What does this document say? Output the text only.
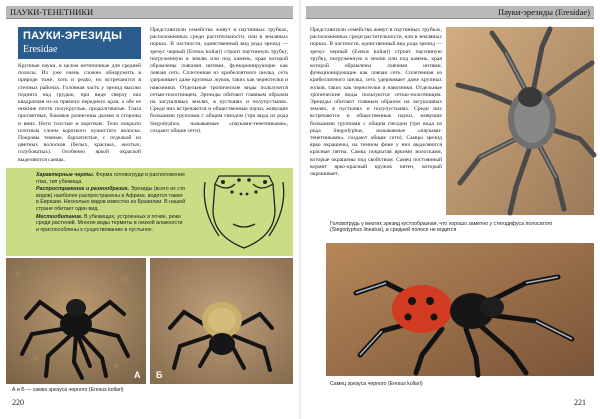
ПАУКИ-ТЕНЕТНИКИ	Пауки-эрезиды (Eresidae)
ПАУКИ-ЭРЕЗИДЫ
Eresidae
Крупные пауки, в целом нетипичные для средней полосы. Их уже очень сложно обнаружить в природе тоже, хоть и редко, но встречаются в степных районах. Головная часть у эрезид высоко поднята над грудью, при виде сверху она квадратная из-за прямого переднего края, а обе ее нижние почти полукруглые, продолговатые. Глаза просветные, боковые разнесены далеко в стороны и вниз. Ноги толстые и короткие. Тело покрыто плотным слоем короткого пушистого волоска. Покровы темные, бархатистые, с отделкой из цветных волосков (белых, красных, желтых, голубоватых). Особенно яркой окраской выделяются самцы.
Представители семейства живут в паутинных трубках, расположенных среди растительности, или в земляных норках. В частности, единственный вид рода эрезид — эрезус черный (Eresus kollari) строит паутинную трубку, погруженную в землю или под камень, края которой обрамлены ловчими нитями, функционирующие как ловчая сеть. Сплетенная из крибеллятного шелка, сеть удерживает даже крупных жуков, таких как чернотелки и навозники. Отдельные тропические виды пользуются сетью-полотнищем. Эрезиды обитают главным образом на засушливых землях, в пустынях и полупустынях. Среди них встречаются и общественные пауки, живущие большими группами с общим гнездом (три вида из рода Stegodyphus, называемые «пауками-тенетниками», создают общие сети).
Представители семейства живут в паутинных трубках, расположенных среди растительности, или в земляных норках. В частности, единственный вид рода эрезид — эрезус черный (Eresus kollari) строит паутинную трубку, погруженную в землю или под камень, края которой обрамлены ловчими нитями, функционирующие как ловчая сеть. Сплетенная из крибеллятного шелка, сеть удерживает даже крупных жуков, таких как чернотелки и навозники. Отдельные тропические виды пользуются сетью-полотнищем. Эрезиды обитают главным образом на засушливых землях, в пустынях и полупустынях. Среди них встречаются и общественные пауки, живущие большими группами с общим гнездом (три вида из рода Stegodyphus, называемые «пауками-тенетниками», создают общие сети). Самцы эрезид ярко окрашены, на темном фоне у них выделяются красные пятна. Самка покрытая яркими волосками, которые окрашены под свойством. Самец постоянный кормит ярко-красный кружок пятен, который окрашивает.

Характерные черты. Форма головогруди и расположение глаз, тип убежища.

Распространение и разнообразие. Эрезиды (всего их сто видов) наиболее распространены в Африке, водятся также в Евразии. Несколько видов известно из Бразилии. В нашей стране обитает один вид.

Местообитание. В убежищах, устроенных в почве, реже среди растений. Многие виды термиты в низкой влажности и приспособлены к существованию в пустынях.

А Б
А и Б — самка эрезуса черного (Eresus kollari)
Головогрудь у многих эрезид кустообразная, что хорошо заметно у стегодифуса полосатого (Stegodyphus lineatus), в средней полосе не водится
Самец эрезуса черного (Eresus kollari)
220	221
